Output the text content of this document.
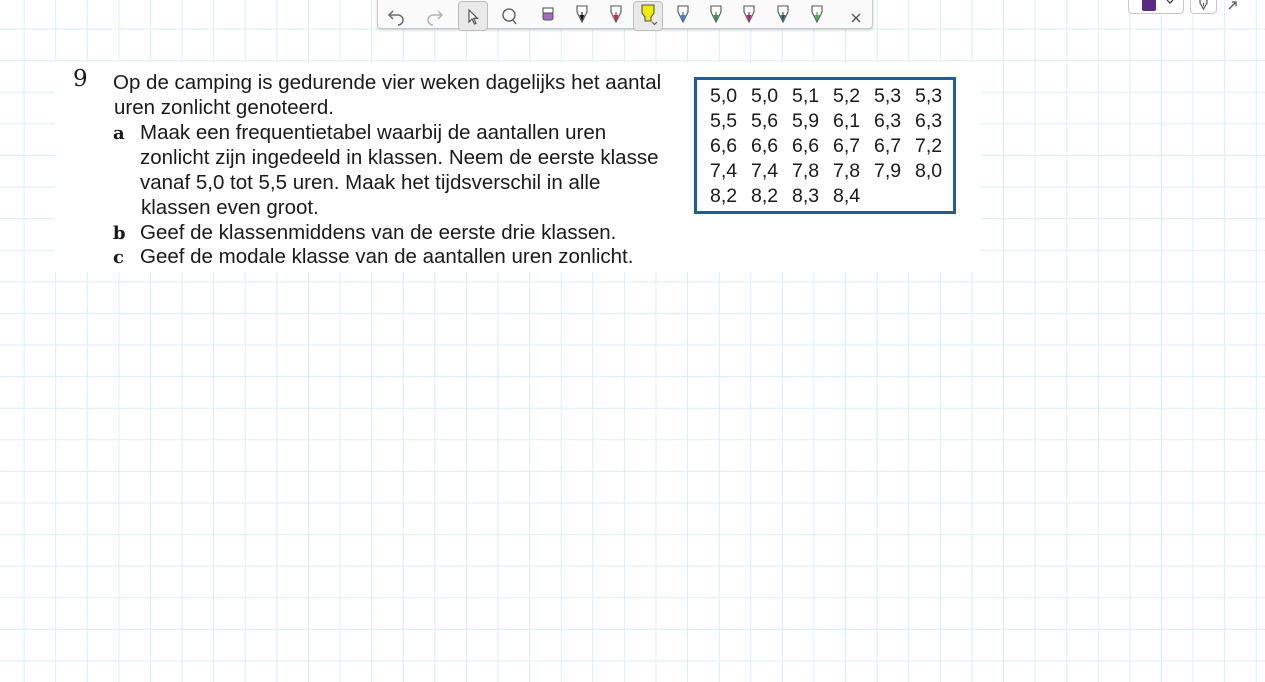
9 Op de camping is gedurende vier weken dagelijks het aantal
uren zonlicht genoteerd.
a Maak een frequentietabel waarbij de aantallen uren
zonlicht zijn ingedeeld in klassen. Neem de eerste klasse
vanaf 5,0 tot 5,5 uren. Maak het tijdsverschil in alle
klassen even groot.
b Geef de klassenmiddens van de eerste drie klassen.
c Geef de modale klasse van de aantallen uren zonlicht.
5,0 5,0 5,1 5,2 5,3 5,3
5,5 5,6 5,9 6,1 6,3 6,3
6,6 6,6 6,6 6,7 6,7 7,2
7,4 7,4 7,8 7,8 7,9 8,0
8,2 8,2 8,3 8,4
